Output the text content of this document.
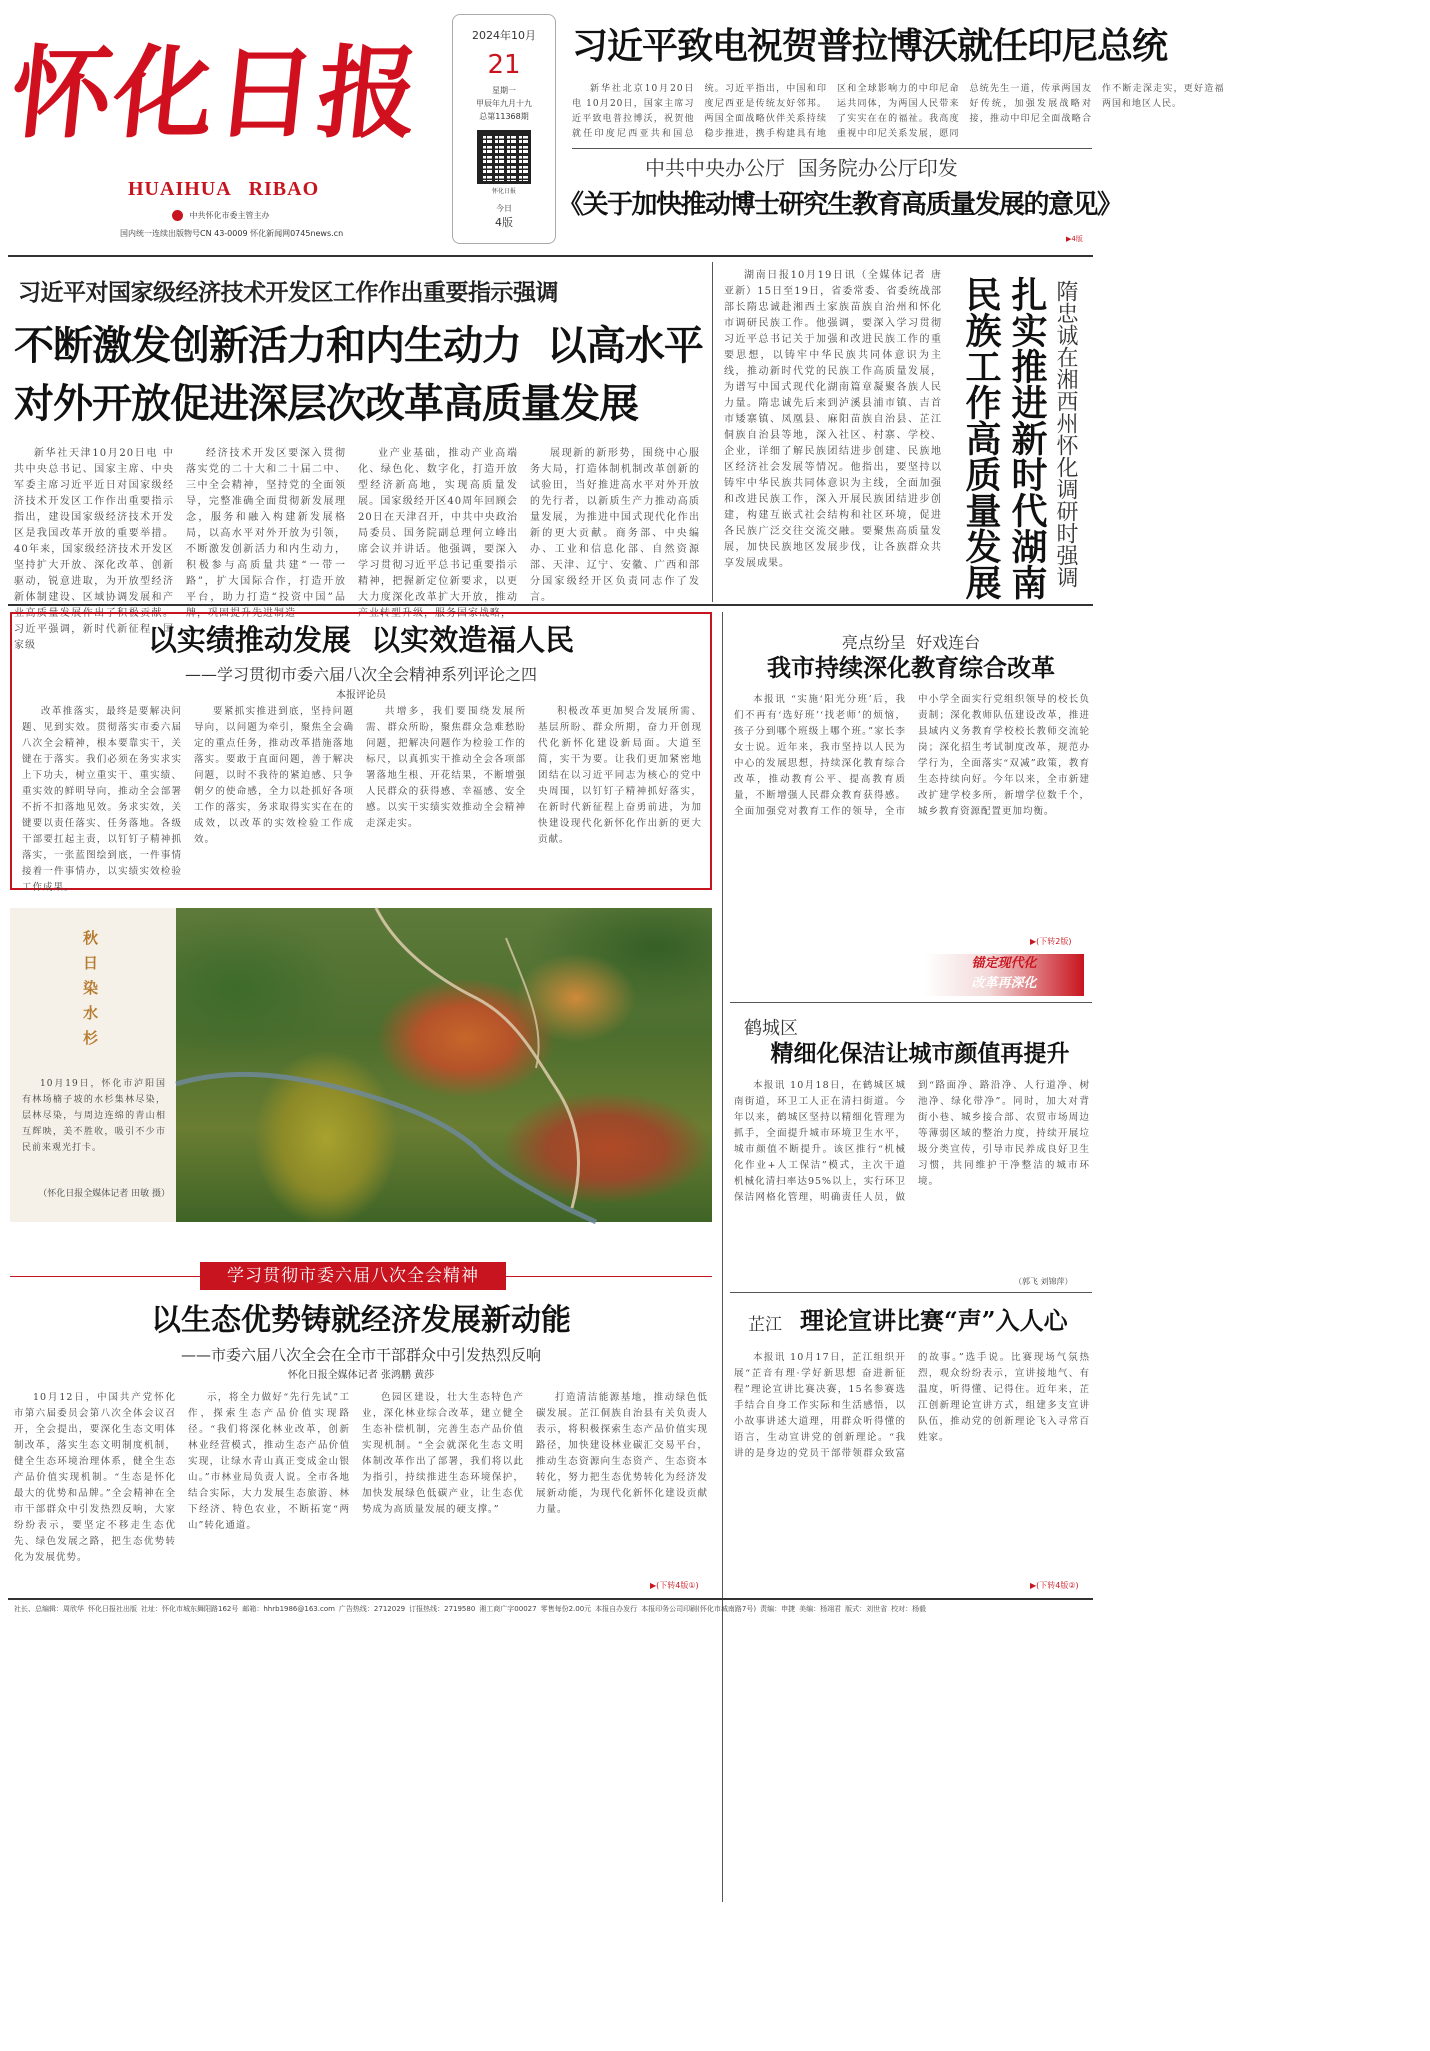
怀化日报
HUAIHUA   RIBAO
中共怀化市委主管主办
国内统一连续出版物号CN 43-0009 怀化新闻网0745news.cn
2024年10月
21
星期一
甲辰年九月十九
总第11368期
怀化日报
今日
4版
习近平致电祝贺普拉博沃就任印尼总统

新华社北京10月20日电 10月20日，国家主席习近平致电普拉博沃，祝贺他就任印度尼西亚共和国总统。习近平指出，中国和印度尼西亚是传统友好邻邦。两国全面战略伙伴关系持续稳步推进，携手构建具有地区和全球影响力的中印尼命运共同体，为两国人民带来了实实在在的福祉。我高度重视中印尼关系发展，愿同总统先生一道，传承两国友好传统，加强发展战略对接，推动中印尼全面战略合作不断走深走实，更好造福两国和地区人民。

中共中央办公厅  国务院办公厅印发
《关于加快推动博士研究生教育高质量发展的意见》
▶4版
习近平对国家级经济技术开发区工作作出重要指示强调
不断激发创新活力和内生动力  以高水平
对外开放促进深层次改革高质量发展

新华社天津10月20日电 中共中央总书记、国家主席、中央军委主席习近平近日对国家级经济技术开发区工作作出重要指示指出，建设国家级经济技术开发区是我国改革开放的重要举措。40年来，国家级经济技术开发区坚持扩大开放、深化改革、创新驱动，锐意进取，为开放型经济新体制建设、区域协调发展和产业高质量发展作出了积极贡献。习近平强调，新时代新征程，国家级

经济技术开发区要深入贯彻落实党的二十大和二十届二中、三中全会精神，坚持党的全面领导，完整准确全面贯彻新发展理念，服务和融入构建新发展格局，以高水平对外开放为引领，不断激发创新活力和内生动力，积极参与高质量共建“一带一路”，扩大国际合作，打造开放平台，助力打造“投资中国”品牌，巩固提升先进制造

业产业基础，推动产业高端化、绿色化、数字化，打造开放型经济新高地，实现高质量发展。国家级经开区40周年回顾会20日在天津召开，中共中央政治局委员、国务院副总理何立峰出席会议并讲话。他强调，要深入学习贯彻习近平总书记重要指示精神，把握新定位新要求，以更大力度深化改革扩大开放，推动产业转型升级，服务国家战略，

展现新的新形势，围绕中心服务大局，打造体制机制改革创新的试验田，当好推进高水平对外开放的先行者，以新质生产力推动高质量发展，为推进中国式现代化作出新的更大贡献。商务部、中央编办、工业和信息化部、自然资源部、天津、辽宁、安徽、广西和部分国家级经开区负责同志作了发言。

湖南日报10月19日讯（全媒体记者 唐亚新）15日至19日，省委常委、省委统战部部长隋忠诚赴湘西土家族苗族自治州和怀化市调研民族工作。他强调，要深入学习贯彻习近平总书记关于加强和改进民族工作的重要思想，以铸牢中华民族共同体意识为主线，推动新时代党的民族工作高质量发展，为谱写中国式现代化湖南篇章凝聚各族人民力量。隋忠诚先后来到泸溪县浦市镇、吉首市矮寨镇、凤凰县、麻阳苗族自治县、芷江侗族自治县等地，深入社区、村寨、学校、企业，详细了解民族团结进步创建、民族地区经济社会发展等情况。他指出，要坚持以铸牢中华民族共同体意识为主线，全面加强和改进民族工作，深入开展民族团结进步创建，构建互嵌式社会结构和社区环境，促进各民族广泛交往交流交融。要聚焦高质量发展，加快民族地区发展步伐，让各族群众共享发展成果。	民族工作高质量发展 扎实推进新时代湖南 隋忠诚在湘西州怀化调研时强调
以实绩推动发展  以实效造福人民
——学习贯彻市委六届八次全会精神系列评论之四
本报评论员

改革推落实，最终是要解决问题、见到实效。贯彻落实市委六届八次全会精神，根本要靠实干，关键在于落实。我们必须在务实求实上下功夫，树立重实干、重实绩、重实效的鲜明导向，推动全会部署不折不扣落地见效。务求实效，关键要以责任落实、任务落地。各级干部要扛起主责，以钉钉子精神抓落实，一张蓝图绘到底，一件事情接着一件事情办，以实绩实效检验工作成果。

要紧抓实推进到底，坚持问题导向，以问题为牵引，聚焦全会确定的重点任务，推动改革措施落地落实。要敢于直面问题，善于解决问题，以时不我待的紧迫感、只争朝夕的使命感，全力以赴抓好各项工作的落实，务求取得实实在在的成效，以改革的实效检验工作成效。

共增多，我们要围绕发展所需、群众所盼，聚焦群众急难愁盼问题，把解决问题作为检验工作的标尺，以真抓实干推动全会各项部署落地生根、开花结果，不断增强人民群众的获得感、幸福感、安全感。以实干实绩实效推动全会精神走深走实。

积极改革更加契合发展所需、基层所盼、群众所期，奋力开创现代化新怀化建设新局面。大道至简，实干为要。让我们更加紧密地团结在以习近平同志为核心的党中央周围，以钉钉子精神抓好落实，在新时代新征程上奋勇前进，为加快建设现代化新怀化作出新的更大贡献。

秋日染水杉

10月19日，怀化市泸阳国有林场楠子坡的水杉集林尽染，层林尽染，与周边连绵的青山相互辉映，美不胜收，吸引不少市民前来观光打卡。

（怀化日报全媒体记者 田敏 摄）
亮点纷呈  好戏连台
我市持续深化教育综合改革

本报讯 “实施‘阳光分班’后，我们不再有‘选好班’‘找老师’的烦恼，孩子分到哪个班级上哪个班。”家长李女士说。近年来，我市坚持以人民为中心的发展思想，持续深化教育综合改革，推动教育公平、提高教育质量，不断增强人民群众教育获得感。全面加强党对教育工作的领导，全市中小学全面实行党组织领导的校长负责制；深化教师队伍建设改革，推进县域内义务教育学校校长教师交流轮岗；深化招生考试制度改革，规范办学行为，全面落实“双减”政策，教育生态持续向好。今年以来，全市新建改扩建学校多所，新增学位数千个，城乡教育资源配置更加均衡。

▶(下转2版)
锚定现代化
改革再深化
鹤城区
精细化保洁让城市颜值再提升

本报讯 10月18日，在鹤城区城南街道，环卫工人正在清扫街道。今年以来，鹤城区坚持以精细化管理为抓手，全面提升城市环境卫生水平，城市颜值不断提升。该区推行“机械化作业+人工保洁”模式，主次干道机械化清扫率达95%以上，实行环卫保洁网格化管理，明确责任人员，做到“路面净、路沿净、人行道净、树池净、绿化带净”。同时，加大对背街小巷、城乡接合部、农贸市场周边等薄弱区域的整治力度，持续开展垃圾分类宣传，引导市民养成良好卫生习惯，共同维护干净整洁的城市环境。

（郭飞 刘锦萍）
学习贯彻市委六届八次全会精神
以生态优势铸就经济发展新动能
——市委六届八次全会在全市干部群众中引发热烈反响
怀化日报全媒体记者 张鸿鹏 黄莎

10月12日，中国共产党怀化市第六届委员会第八次全体会议召开，全会提出，要深化生态文明体制改革，落实生态文明制度机制，健全生态环境治理体系，健全生态产品价值实现机制。“生态是怀化最大的优势和品牌。”全会精神在全市干部群众中引发热烈反响，大家纷纷表示，要坚定不移走生态优先、绿色发展之路，把生态优势转化为发展优势。

示，将全力做好“先行先试”工作，探索生态产品价值实现路径。“我们将深化林业改革，创新林业经营模式，推动生态产品价值实现，让绿水青山真正变成金山银山。”市林业局负责人说。全市各地结合实际，大力发展生态旅游、林下经济、特色农业，不断拓宽“两山”转化通道。

色园区建设，壮大生态特色产业，深化林业综合改革，建立健全生态补偿机制，完善生态产品价值实现机制。“全会就深化生态文明体制改革作出了部署，我们将以此为指引，持续推进生态环境保护，加快发展绿色低碳产业，让生态优势成为高质量发展的硬支撑。”

打造清洁能源基地，推动绿色低碳发展。芷江侗族自治县有关负责人表示，将积极探索生态产品价值实现路径，加快建设林业碳汇交易平台，推动生态资源向生态资产、生态资本转化，努力把生态优势转化为经济发展新动能，为现代化新怀化建设贡献力量。

▶(下转4版①)
芷江 理论宣讲比赛“声”入人心

本报讯 10月17日，芷江组织开展“芷音有理·学好新思想 奋进新征程”理论宣讲比赛决赛，15名参赛选手结合自身工作实际和生活感悟，以小故事讲述大道理，用群众听得懂的语言，生动宣讲党的创新理论。“我讲的是身边的党员干部带领群众致富的故事。”选手说。比赛现场气氛热烈，观众纷纷表示，宣讲接地气、有温度，听得懂、记得住。近年来，芷江创新理论宣讲方式，组建多支宣讲队伍，推动党的创新理论飞入寻常百姓家。

▶(下转4版②)
社长、总编辑：周欣华 怀化日报社出版 社址：怀化市城东舞阳路162号 邮箱：hhrb1986@163.com 广告热线：2712029 订报热线：2719580 湘工商广字00027 零售每份2.00元 本报自办发行 本报印务公司印刷(怀化市城南路7号) 责编：申捷 美编：杨翊君 版式：刘世省 校对：杨毅
